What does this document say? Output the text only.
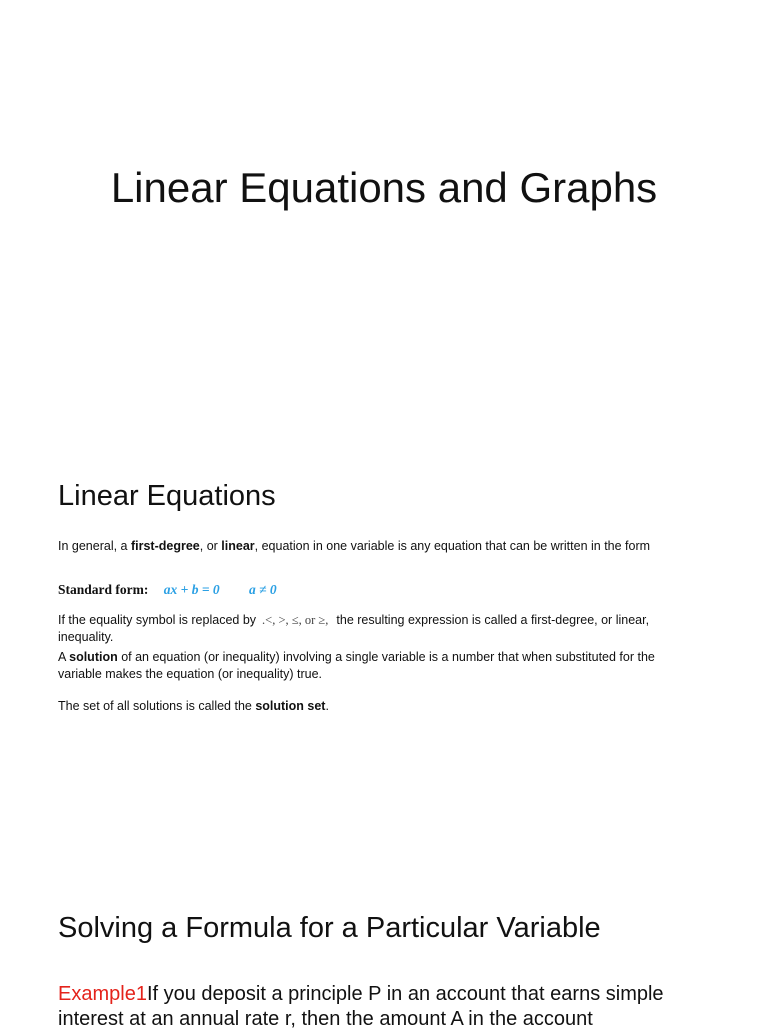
Linear Equations and Graphs
Linear Equations
In general, a first-degree, or linear, equation in one variable is any equation that can be written in the form
Standard form: ax + b = 0 a ≠ 0
If the equality symbol is replaced by .<, >, ≤, or ≥, the resulting expression is called a first-degree, or linear, inequality.
A solution of an equation (or inequality) involving a single variable is a number that when substituted for the variable makes the equation (or inequality) true.
The set of all solutions is called the solution set.
Solving a Formula for a Particular Variable
Example1If you deposit a principle P in an account that earns simple interest at an annual rate r, then the amount A in the account
